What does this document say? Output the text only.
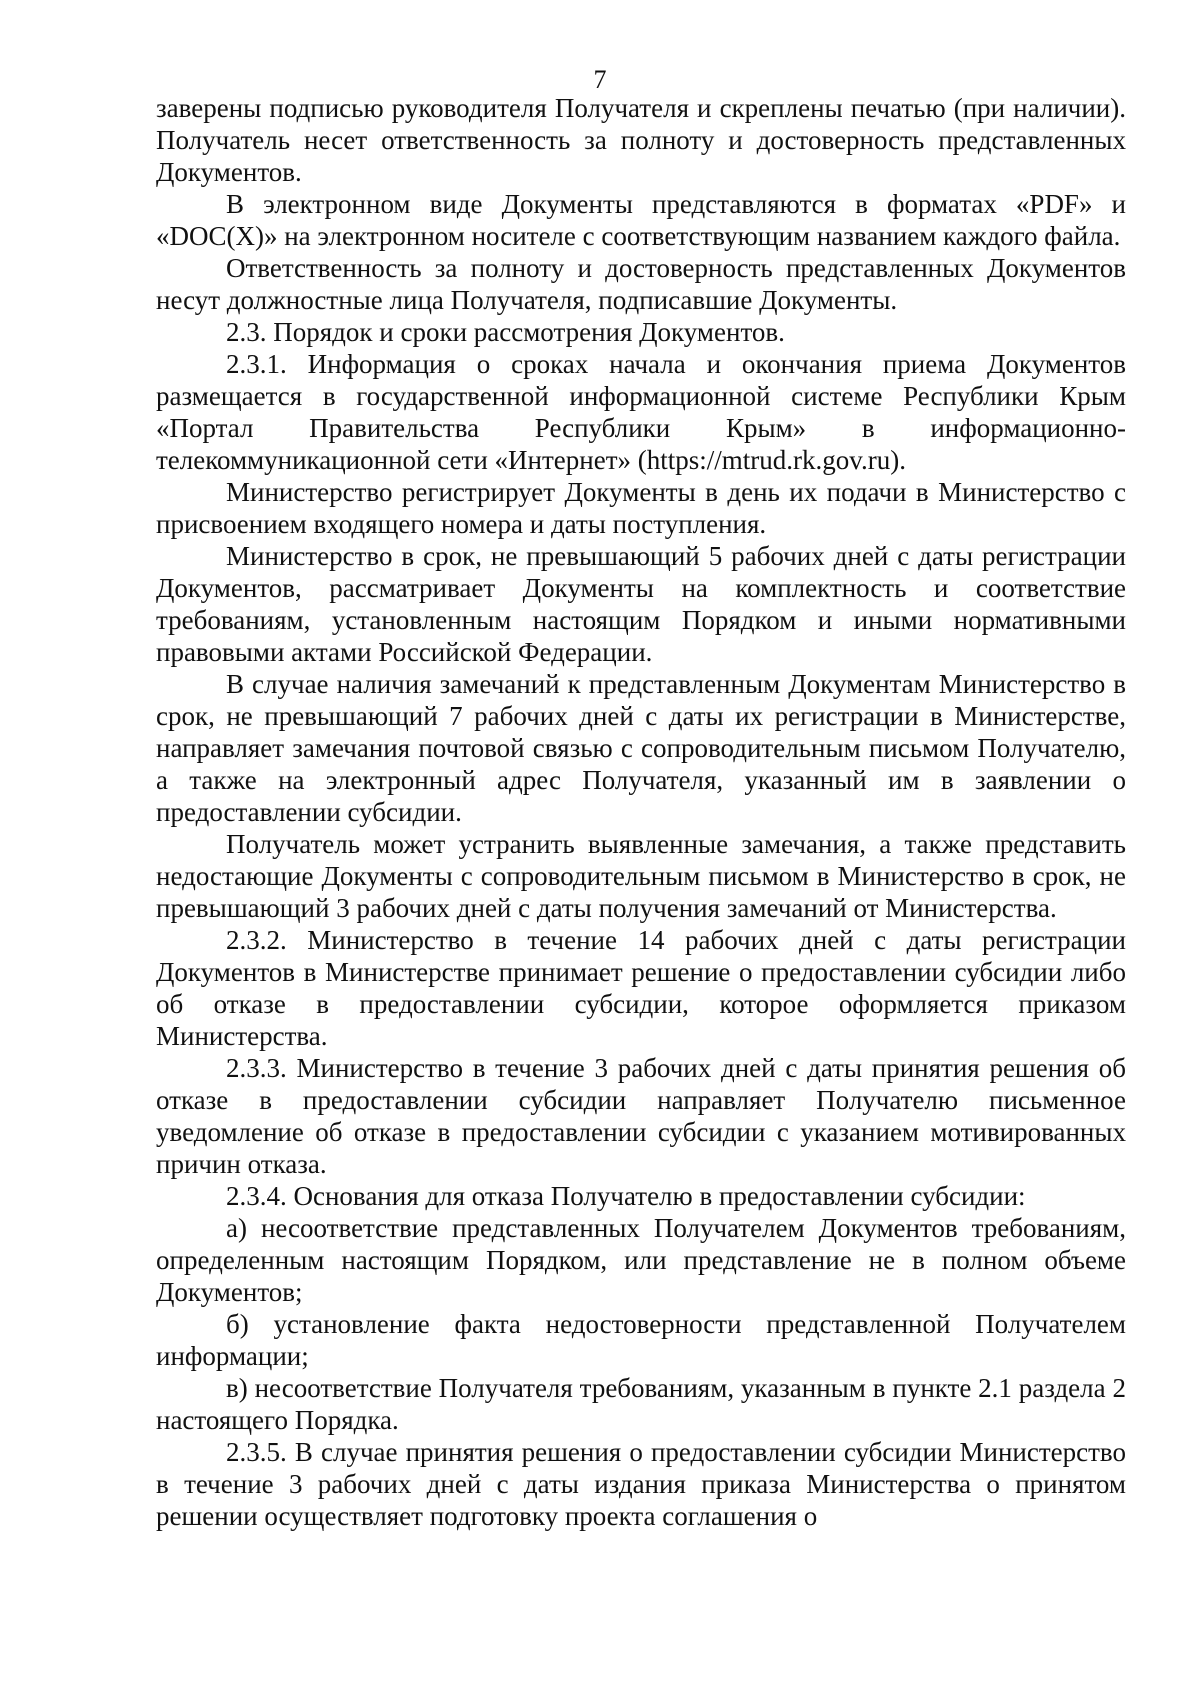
7

заверены подписью руководителя Получателя и скреплены печатью (при наличии). Получатель несет ответственность за полноту и достоверность представленных Документов.

В электронном виде Документы представляются в форматах «PDF» и «DOC(X)» на электронном носителе с соответствующим названием каждого файла.

Ответственность за полноту и достоверность представленных Документов несут должностные лица Получателя, подписавшие Документы.

2.3. Порядок и сроки рассмотрения Документов.

2.3.1. Информация о сроках начала и окончания приема Документов размещается в государственной информационной системе Республики Крым «Портал Правительства Республики Крым» в информационно-телекоммуникационной сети «Интернет» (https://mtrud.rk.gov.ru).

Министерство регистрирует Документы в день их подачи в Министерство с присвоением входящего номера и даты поступления.

Министерство в срок, не превышающий 5 рабочих дней с даты регистрации Документов, рассматривает Документы на комплектность и соответствие требованиям, установленным настоящим Порядком и иными нормативными правовыми актами Российской Федерации.

В случае наличия замечаний к представленным Документам Министерство в срок, не превышающий 7 рабочих дней с даты их регистрации в Министерстве, направляет замечания почтовой связью с сопроводительным письмом Получателю, а также на электронный адрес Получателя, указанный им в заявлении о предоставлении субсидии.

Получатель может устранить выявленные замечания, а также представить недостающие Документы с сопроводительным письмом в Министерство в срок, не превышающий 3 рабочих дней с даты получения замечаний от Министерства.

2.3.2. Министерство в течение 14 рабочих дней с даты регистрации Документов в Министерстве принимает решение о предоставлении субсидии либо об отказе в предоставлении субсидии, которое оформляется приказом Министерства.

2.3.3. Министерство в течение 3 рабочих дней с даты принятия решения об отказе в предоставлении субсидии направляет Получателю письменное уведомление об отказе в предоставлении субсидии с указанием мотивированных причин отказа.

2.3.4. Основания для отказа Получателю в предоставлении субсидии:

а) несоответствие представленных Получателем Документов требованиям, определенным настоящим Порядком, или представление не в полном объеме Документов;

б) установление факта недостоверности представленной Получателем информации;

в) несоответствие Получателя требованиям, указанным в пункте 2.1 раздела 2 настоящего Порядка.

2.3.5. В случае принятия решения о предоставлении субсидии Министерство в течение 3 рабочих дней с даты издания приказа Министерства о принятом решении осуществляет подготовку проекта соглашения о
